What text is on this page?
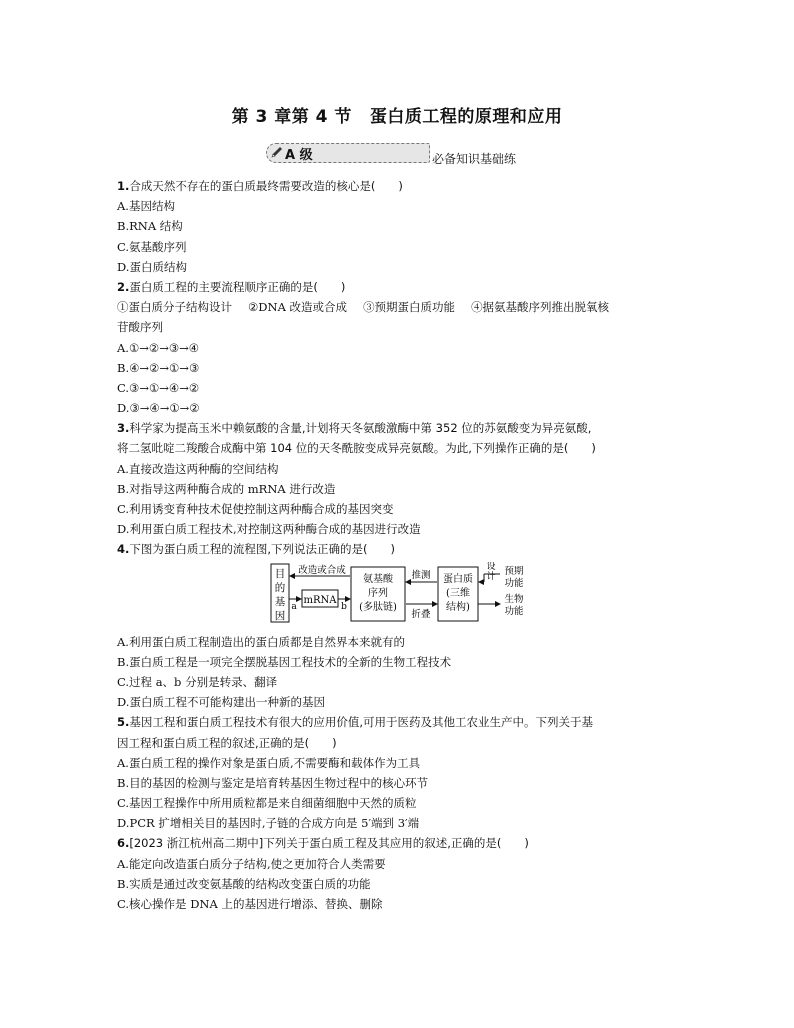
第 3 章第 4 节 蛋白质工程的原理和应用
A 级	必备知识基础练
1.合成天然不存在的蛋白质最终需要改造的核心是(　　)
A.基因结构
B.RNA 结构
C.氨基酸序列
D.蛋白质结构
2.蛋白质工程的主要流程顺序正确的是(　　)
①蛋白质分子结构设计 ②DNA 改造或合成 ③预期蛋白质功能 ④据氨基酸序列推出脱氧核
苷酸序列
A.①→②→③→④
B.④→②→①→③
C.③→①→④→②
D.③→④→①→②
3.科学家为提高玉米中赖氨酸的含量,计划将天冬氨酸激酶中第 352 位的苏氨酸变为异亮氨酸,
将二氢吡啶二羧酸合成酶中第 104 位的天冬酰胺变成异亮氨酸。为此,下列操作正确的是(　　)
A.直接改造这两种酶的空间结构
B.对指导这两种酶合成的 mRNA 进行改造
C.利用诱变育种技术促使控制这两种酶合成的基因突变
D.利用蛋白质工程技术,对控制这两种酶合成的基因进行改造
4.下图为蛋白质工程的流程图,下列说法正确的是(　　)
目
的
基
因
改造或合成
a
mRNA
b
氨基酸
序列
(多肽链)
推测
折叠
蛋白质
(三维
结构)
设
计 预期
功能
生物
功能
A.利用蛋白质工程制造出的蛋白质都是自然界本来就有的
B.蛋白质工程是一项完全摆脱基因工程技术的全新的生物工程技术
C.过程 a、b 分别是转录、翻译
D.蛋白质工程不可能构建出一种新的基因
5.基因工程和蛋白质工程技术有很大的应用价值,可用于医药及其他工农业生产中。下列关于基
因工程和蛋白质工程的叙述,正确的是(　　)
A.蛋白质工程的操作对象是蛋白质,不需要酶和载体作为工具
B.目的基因的检测与鉴定是培育转基因生物过程中的核心环节
C.基因工程操作中所用质粒都是来自细菌细胞中天然的质粒
D.PCR 扩增相关目的基因时,子链的合成方向是 5′端到 3′端
6.[2023 浙江杭州高二期中]下列关于蛋白质工程及其应用的叙述,正确的是(　　)
A.能定向改造蛋白质分子结构,使之更加符合人类需要
B.实质是通过改变氨基酸的结构改变蛋白质的功能
C.核心操作是 DNA 上的基因进行增添、替换、删除
